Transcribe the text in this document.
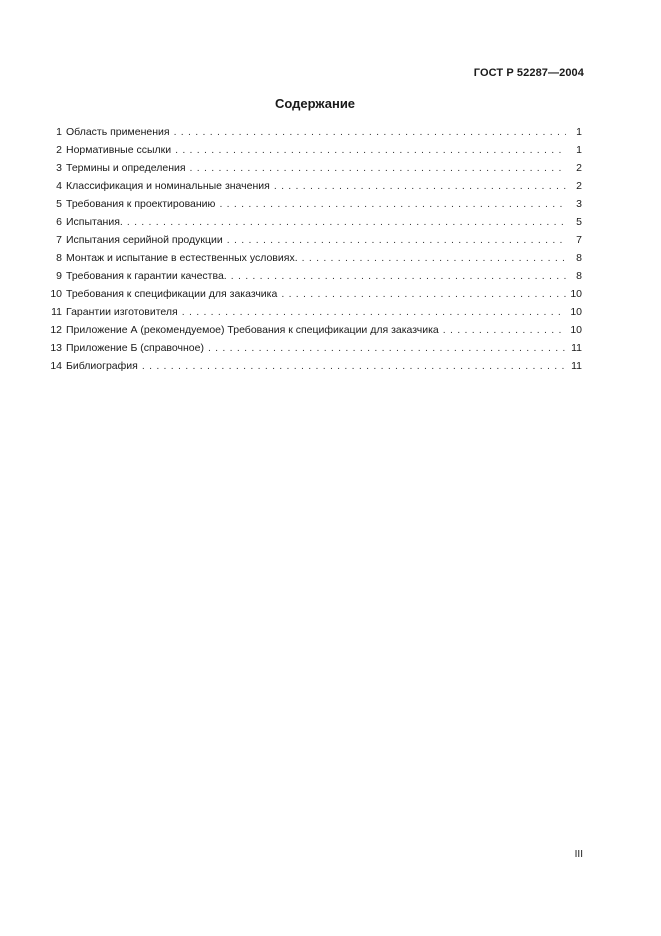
ГОСТ Р 52287—2004
Содержание
1 Область применения . . .	1
2 Нормативные ссылки . . .	1
3 Термины и определения . . .	2
4 Классификация и номинальные значения . . .	2
5 Требования к проектированию . . .	3
6 Испытания. . . .	5
7 Испытания серийной продукции . . .	7
8 Монтаж и испытание в естественных условиях. . . .	8
9 Требования к гарантии качества. . . .	8
10 Требования к спецификации для заказчика . . .	10
11 Гарантии изготовителя . . .	10
12 Приложение А (рекомендуемое) Требования к спецификации для заказчика . . .	10
13 Приложение Б (справочное) . . .	11
14 Библиография . . .	11
III
